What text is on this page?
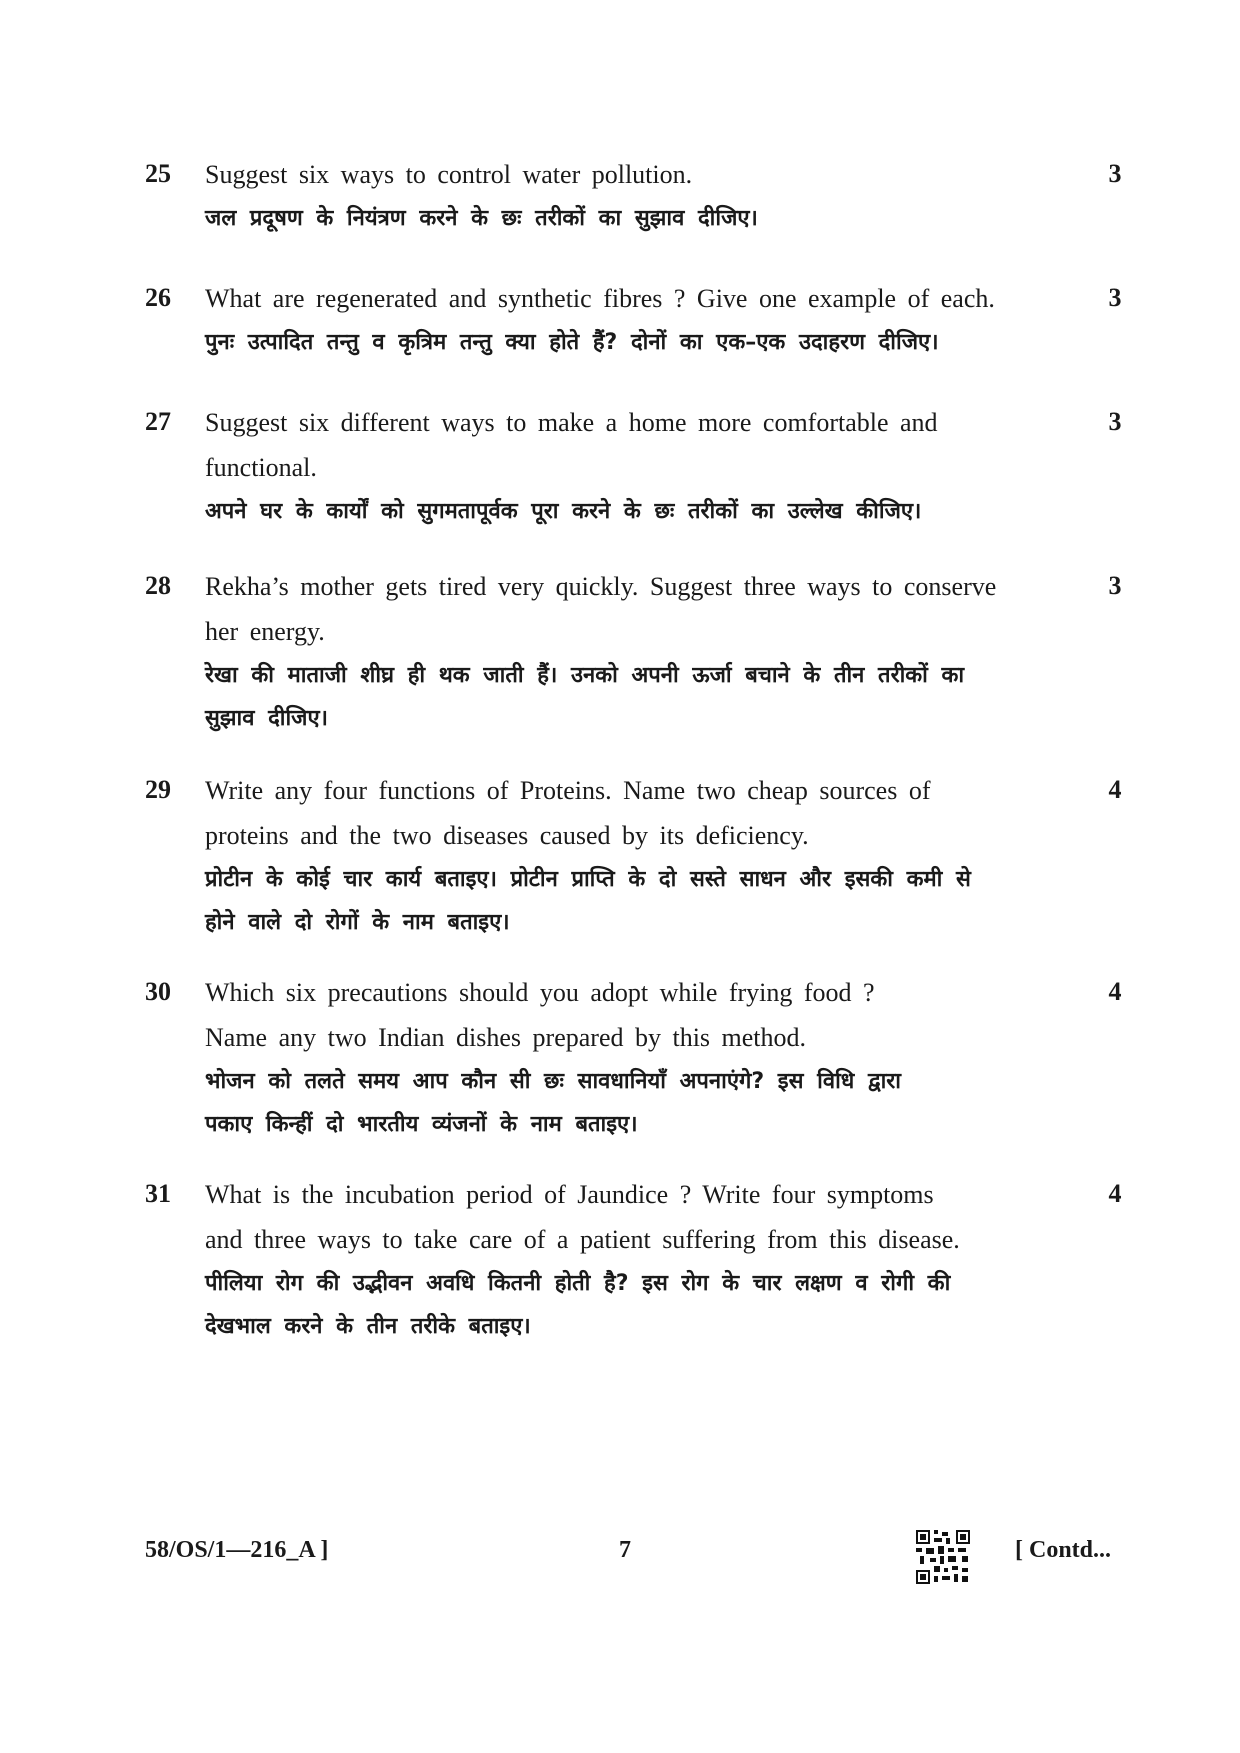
25	Suggest six ways to control water pollution.

जल प्रदूषण के नियंत्रण करने के छः तरीकों का सुझाव दीजिए।

3
26	What are regenerated and synthetic fibres ? Give one example of each.

पुनः उत्पादित तन्तु व कृत्रिम तन्तु क्या होते हैं? दोनों का एक–एक उदाहरण दीजिए।

3
27	Suggest six different ways to make a home more comfortable and

functional.

अपने घर के कार्यों को सुगमतापूर्वक पूरा करने के छः तरीकों का उल्लेख कीजिए।

3
28	Rekha’s mother gets tired very quickly. Suggest three ways to conserve

her energy.

रेखा की माताजी शीघ्र ही थक जाती हैं। उनको अपनी ऊर्जा बचाने के तीन तरीकों का

सुझाव दीजिए।

3
29	Write any four functions of Proteins. Name two cheap sources of

proteins and the two diseases caused by its deficiency.

प्रोटीन के कोई चार कार्य बताइए। प्रोटीन प्राप्ति के दो सस्ते साधन और इसकी कमी से

होने वाले दो रोगों के नाम बताइए।

4
30	Which six precautions should you adopt while frying food ?

Name any two Indian dishes prepared by this method.

भोजन को तलते समय आप कौन सी छः सावधानियाँ अपनाएंगे? इस विधि द्वारा

पकाए किन्हीं दो भारतीय व्यंजनों के नाम बताइए।

4
31	What is the incubation period of Jaundice ? Write four symptoms

and three ways to take care of a patient suffering from this disease.

पीलिया रोग की उद्भीवन अवधि कितनी होती है? इस रोग के चार लक्षण व रोगी की

देखभाल करने के तीन तरीके बताइए।

4
58/OS/1—216_A ]	7	[ Contd...
